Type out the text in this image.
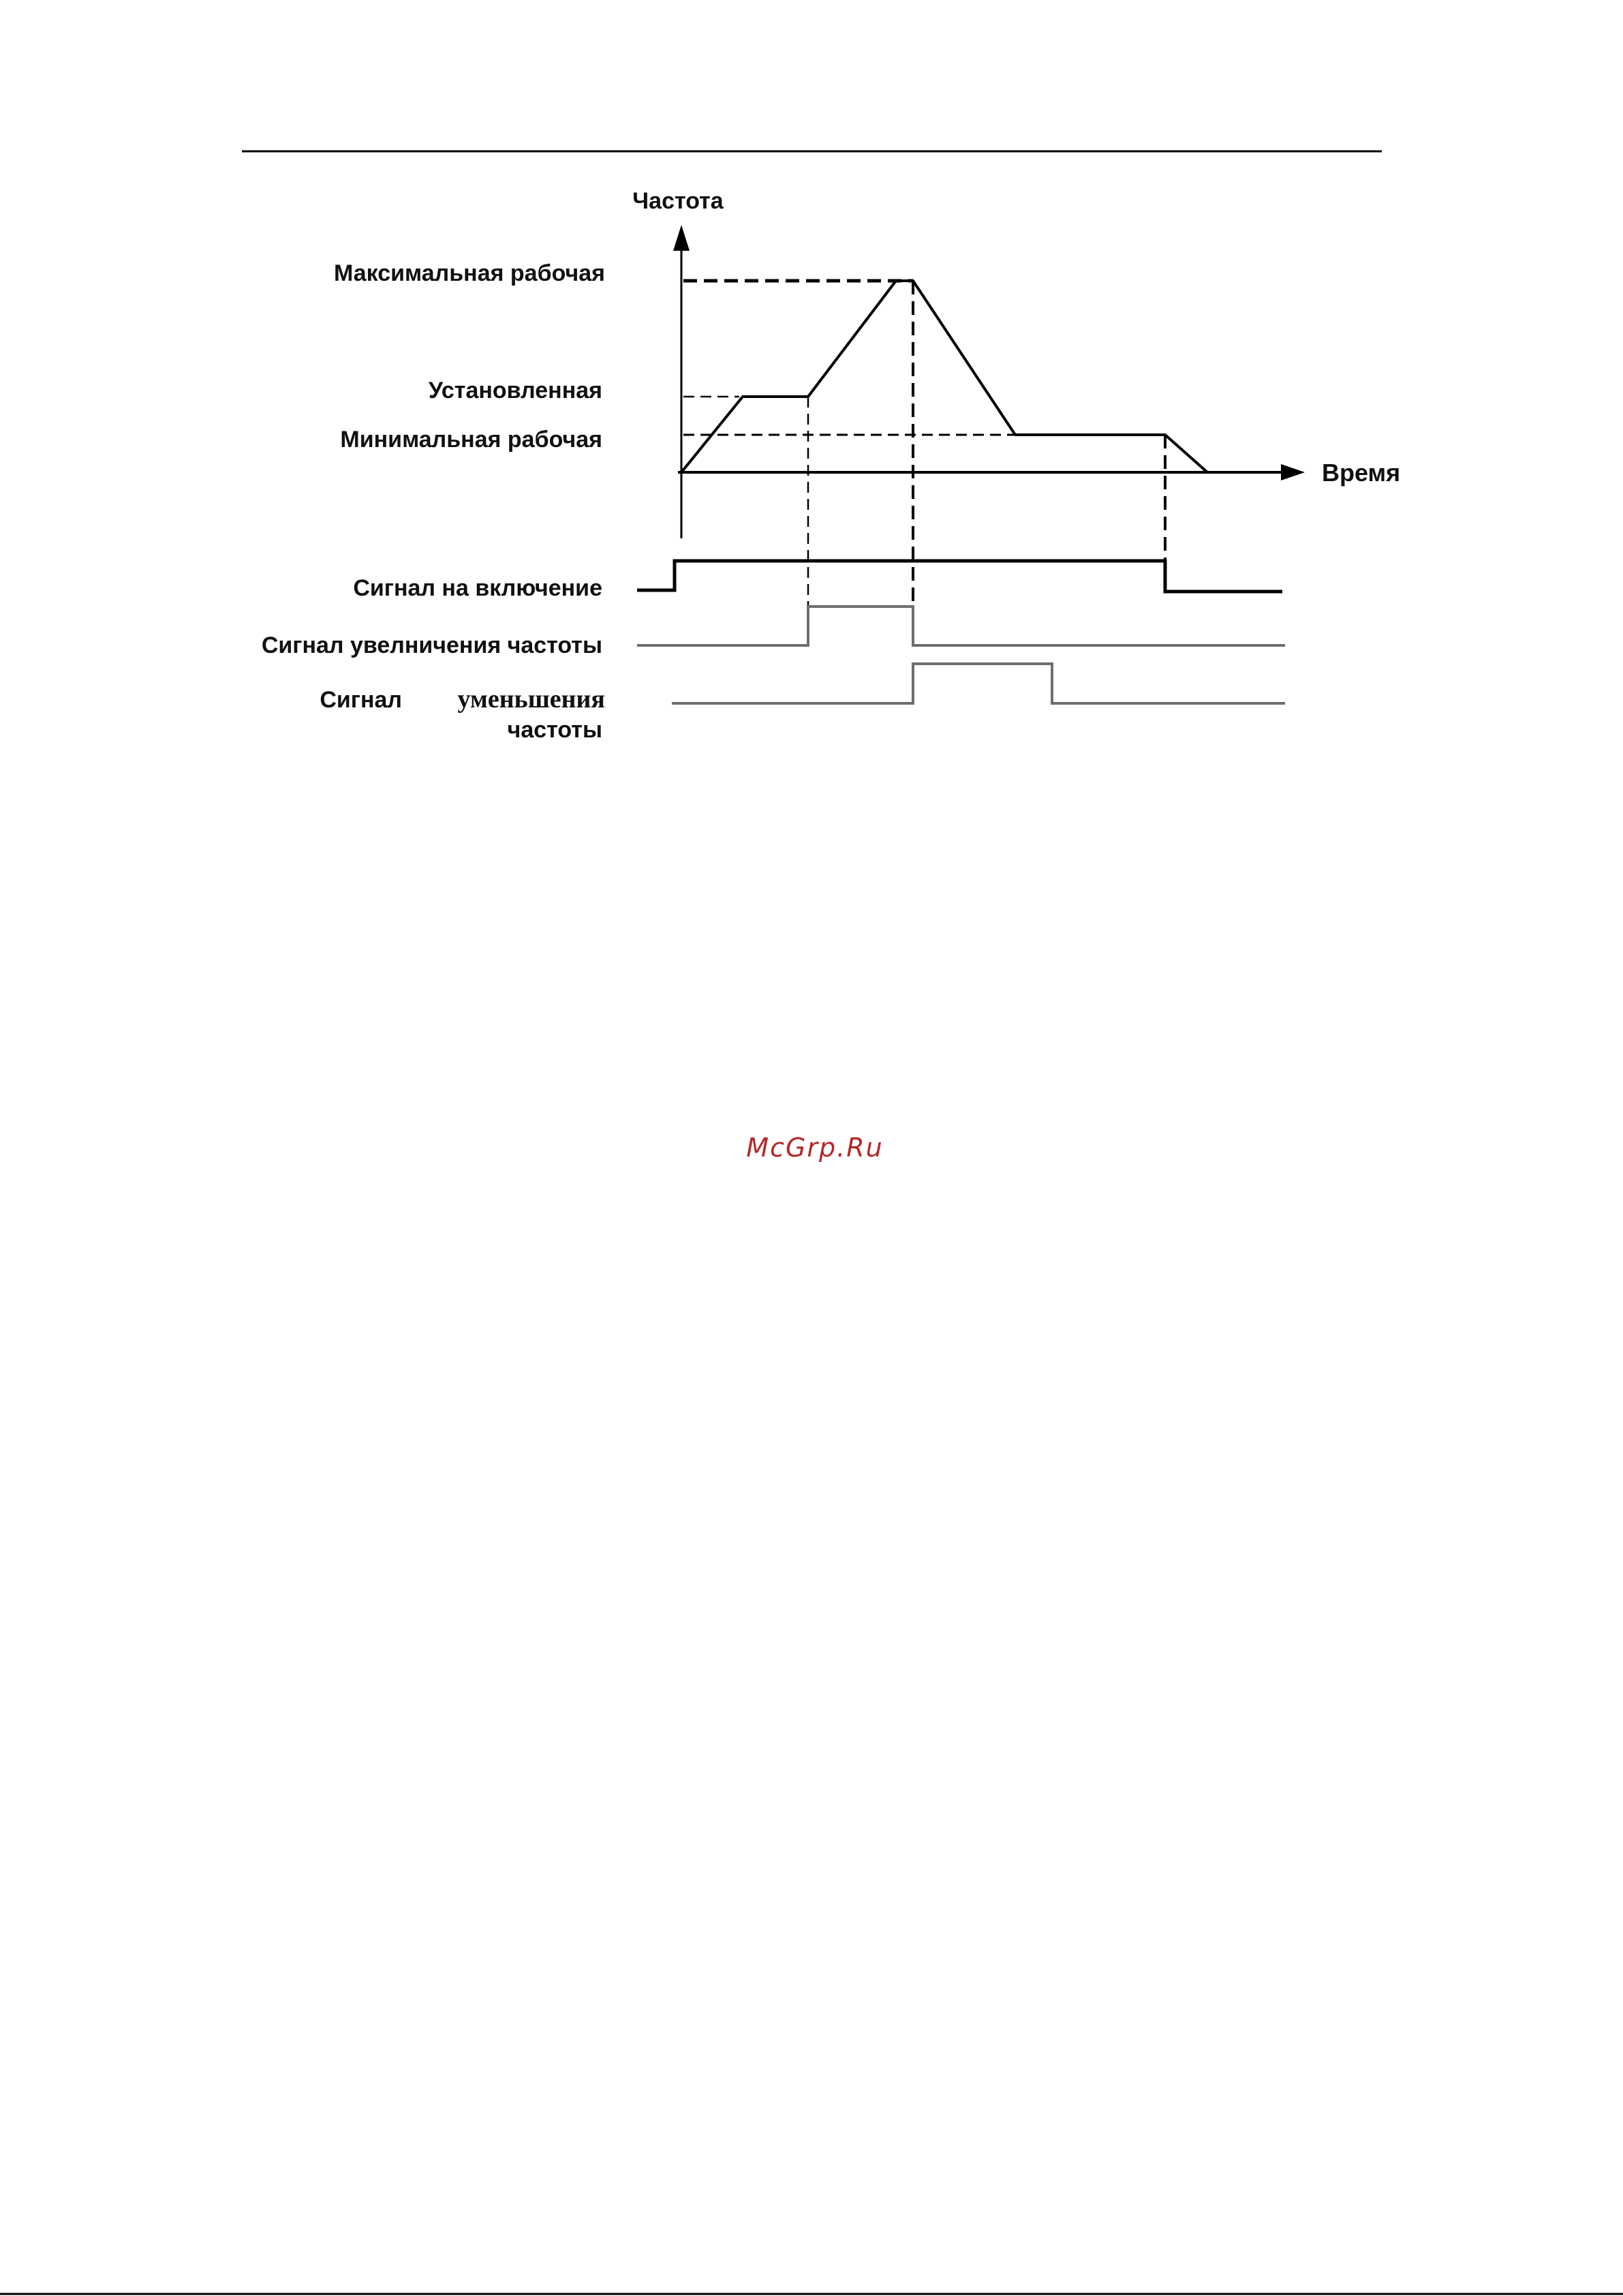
Частота
Время
Максимальная рабочая
Установленная
Минимальная рабочая
Сигнал на включение
Сигнал увелничения частоты
Сигнал уменьшения
частоты
McGrp.Ru
